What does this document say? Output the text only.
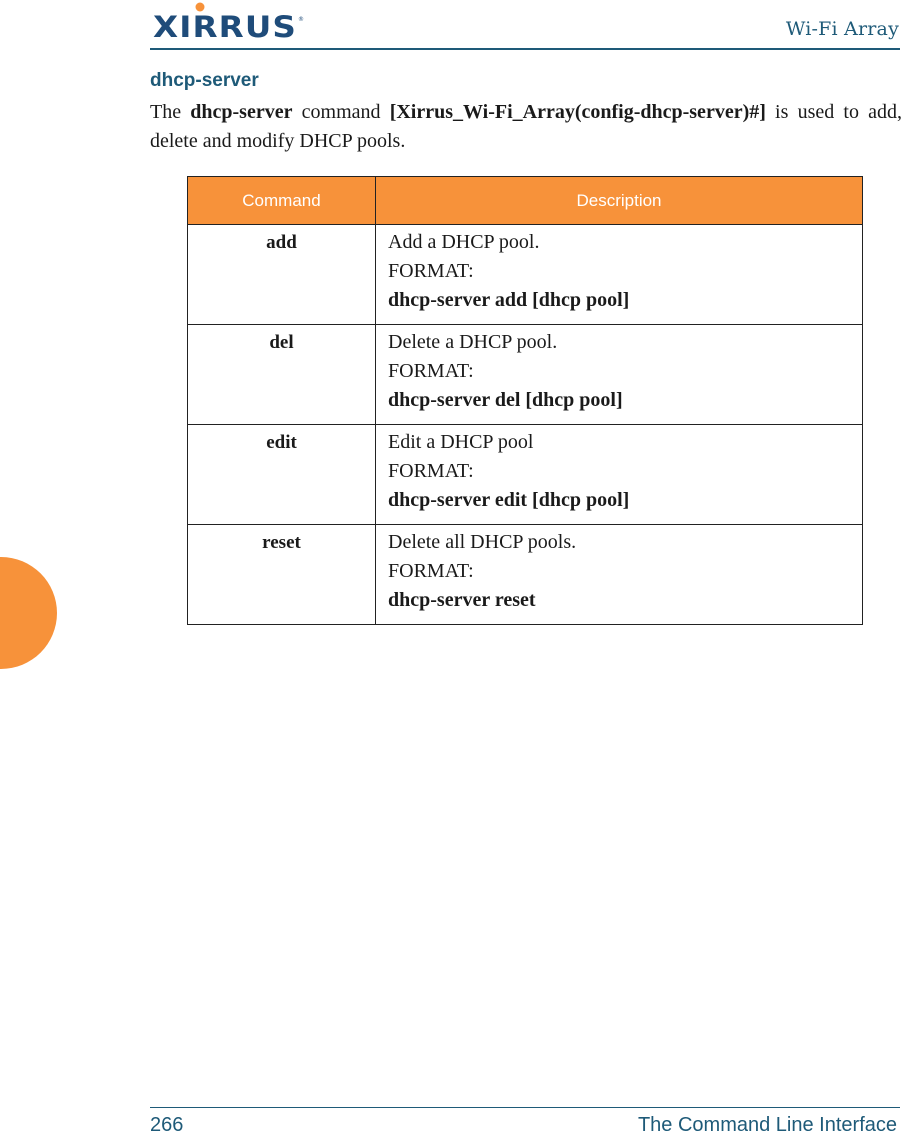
XIRRUS ®	Wi-Fi Array
dhcp-server

The dhcp-server command [Xirrus_Wi-Fi_Array(config-dhcp-server)#] is used to add, delete and modify DHCP pools.

Command	Description
add	Add a DHCP pool.
FORMAT:
dhcp-server add [dhcp pool]

del	Delete a DHCP pool.
FORMAT:
dhcp-server del [dhcp pool]

edit	Edit a DHCP pool
FORMAT:
dhcp-server edit [dhcp pool]

reset	Delete all DHCP pools.
FORMAT:
dhcp-server reset
266	The Command Line Interface
